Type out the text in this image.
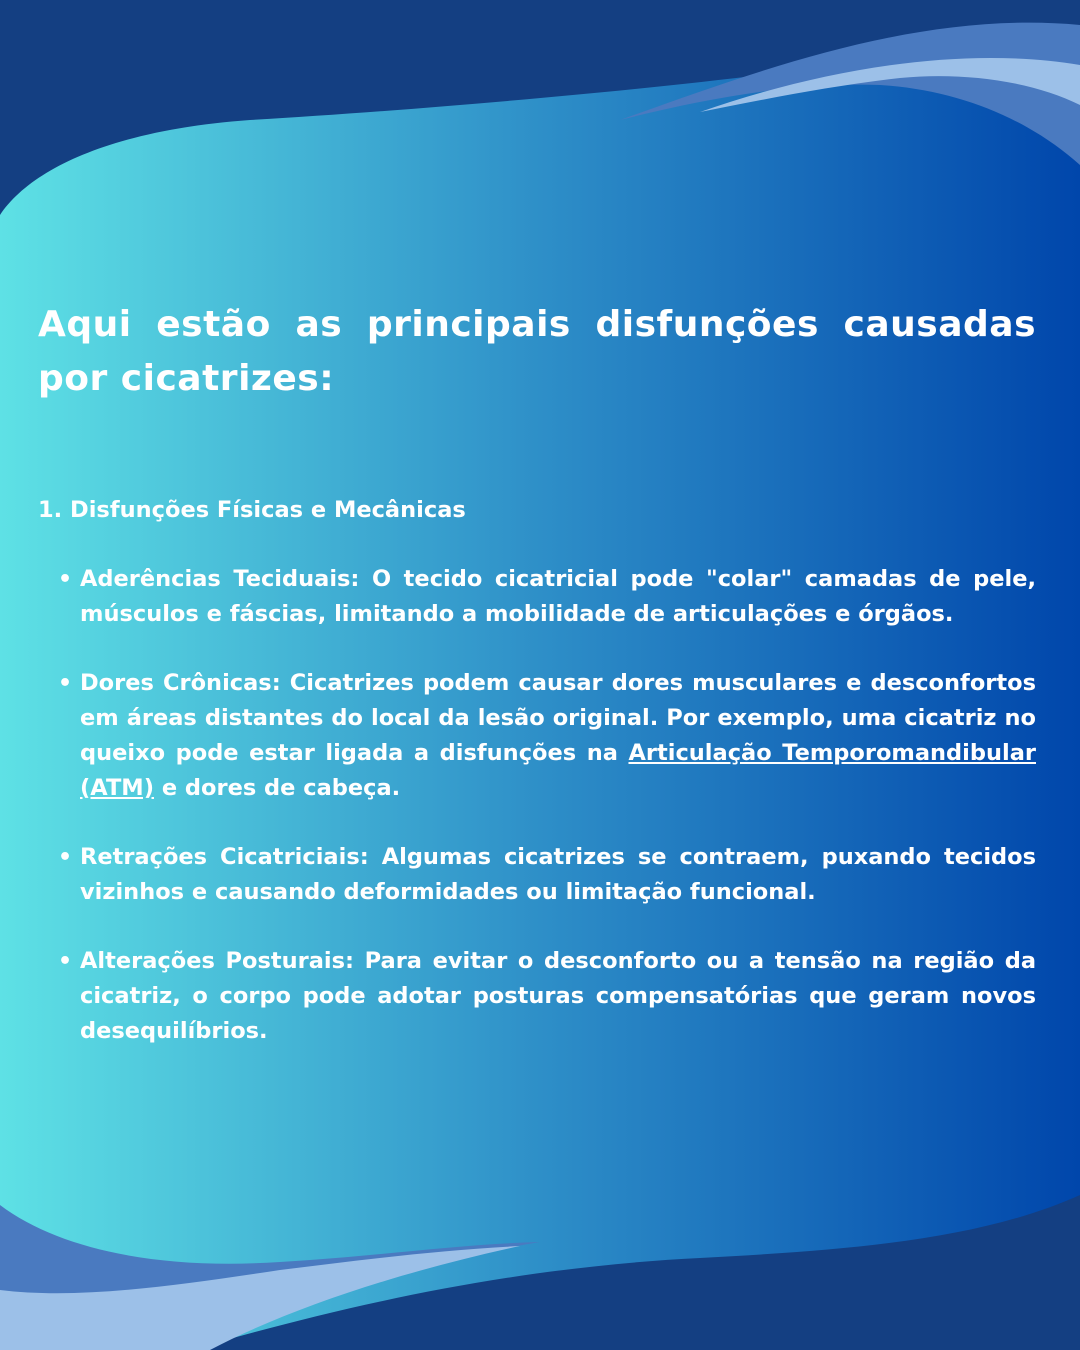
Aqui estão as principais disfunções causadas por cicatrizes:

1. Disfunções Físicas e Mecânicas

• Aderências Teciduais: O tecido cicatricial pode "colar" camadas de pele, músculos e fáscias, limitando a mobilidade de articulações e órgãos.
• Dores Crônicas: Cicatrizes podem causar dores musculares e desconfortos em áreas distantes do local da lesão original. Por exemplo, uma cicatriz no queixo pode estar ligada a disfunções na Articulação Temporomandibular (ATM) e dores de cabeça.
• Retrações Cicatriciais: Algumas cicatrizes se contraem, puxando tecidos vizinhos e causando deformidades ou limitação funcional.
• Alterações Posturais: Para evitar o desconforto ou a tensão na região da cicatriz, o corpo pode adotar posturas compensatórias que geram novos desequilíbrios.
